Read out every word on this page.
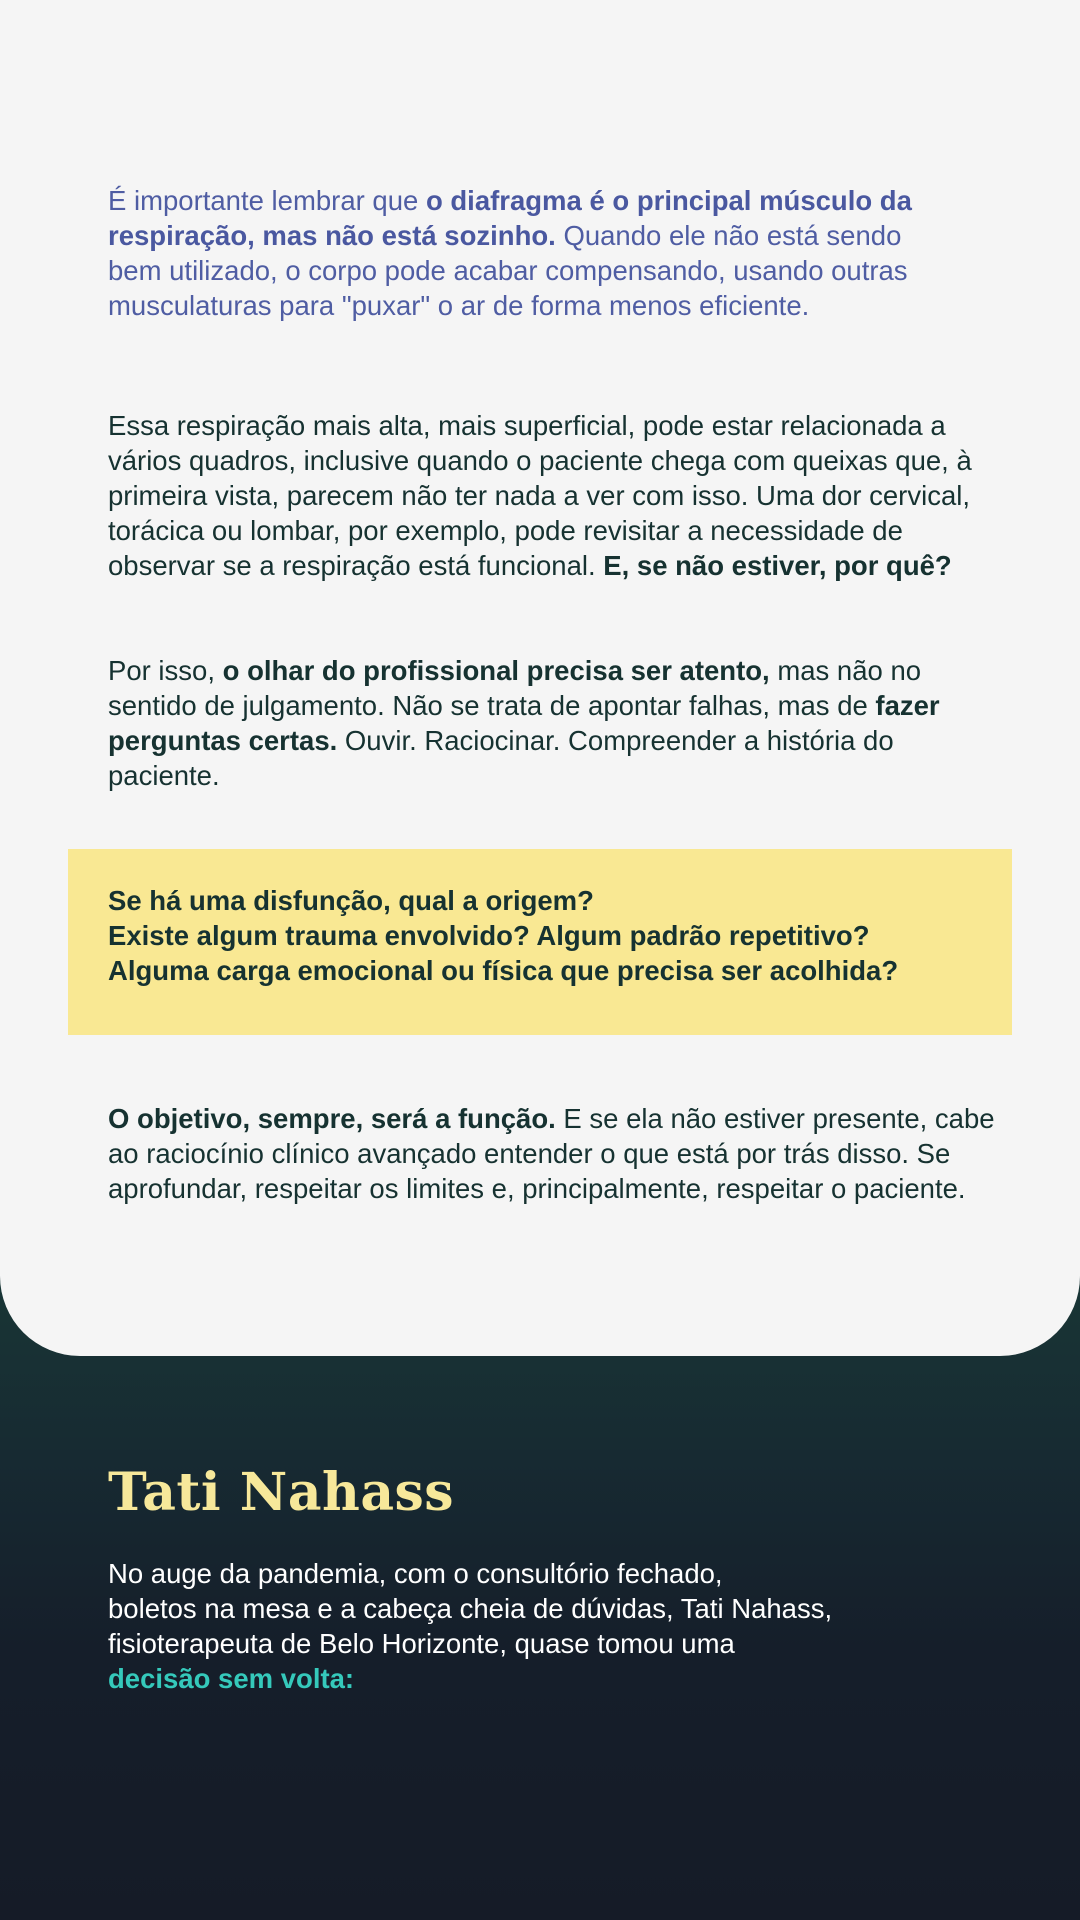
É importante lembrar que o diafragma é o principal músculo da respiração, mas não está sozinho. Quando ele não está sendo bem utilizado, o corpo pode acabar compensando, usando outras musculaturas para "puxar" o ar de forma menos eficiente.

Essa respiração mais alta, mais superficial, pode estar relacionada a vários quadros, inclusive quando o paciente chega com queixas que, à primeira vista, parecem não ter nada a ver com isso. Uma dor cervical, torácica ou lombar, por exemplo, pode revisitar a necessidade de observar se a respiração está funcional. E, se não estiver, por quê?

Por isso, o olhar do profissional precisa ser atento, mas não no sentido de julgamento. Não se trata de apontar falhas, mas de fazer perguntas certas. Ouvir. Raciocinar. Compreender a história do paciente.

Se há uma disfunção, qual a origem?
Existe algum trauma envolvido? Algum padrão repetitivo?
Alguma carga emocional ou física que precisa ser acolhida?

O objetivo, sempre, será a função. E se ela não estiver presente, cabe ao raciocínio clínico avançado entender o que está por trás disso. Se aprofundar, respeitar os limites e, principalmente, respeitar o paciente.

Tati Nahass

No auge da pandemia, com o consultório fechado,
boletos na mesa e a cabeça cheia de dúvidas, Tati Nahass,
fisioterapeuta de Belo Horizonte, quase tomou uma
decisão sem volta:
